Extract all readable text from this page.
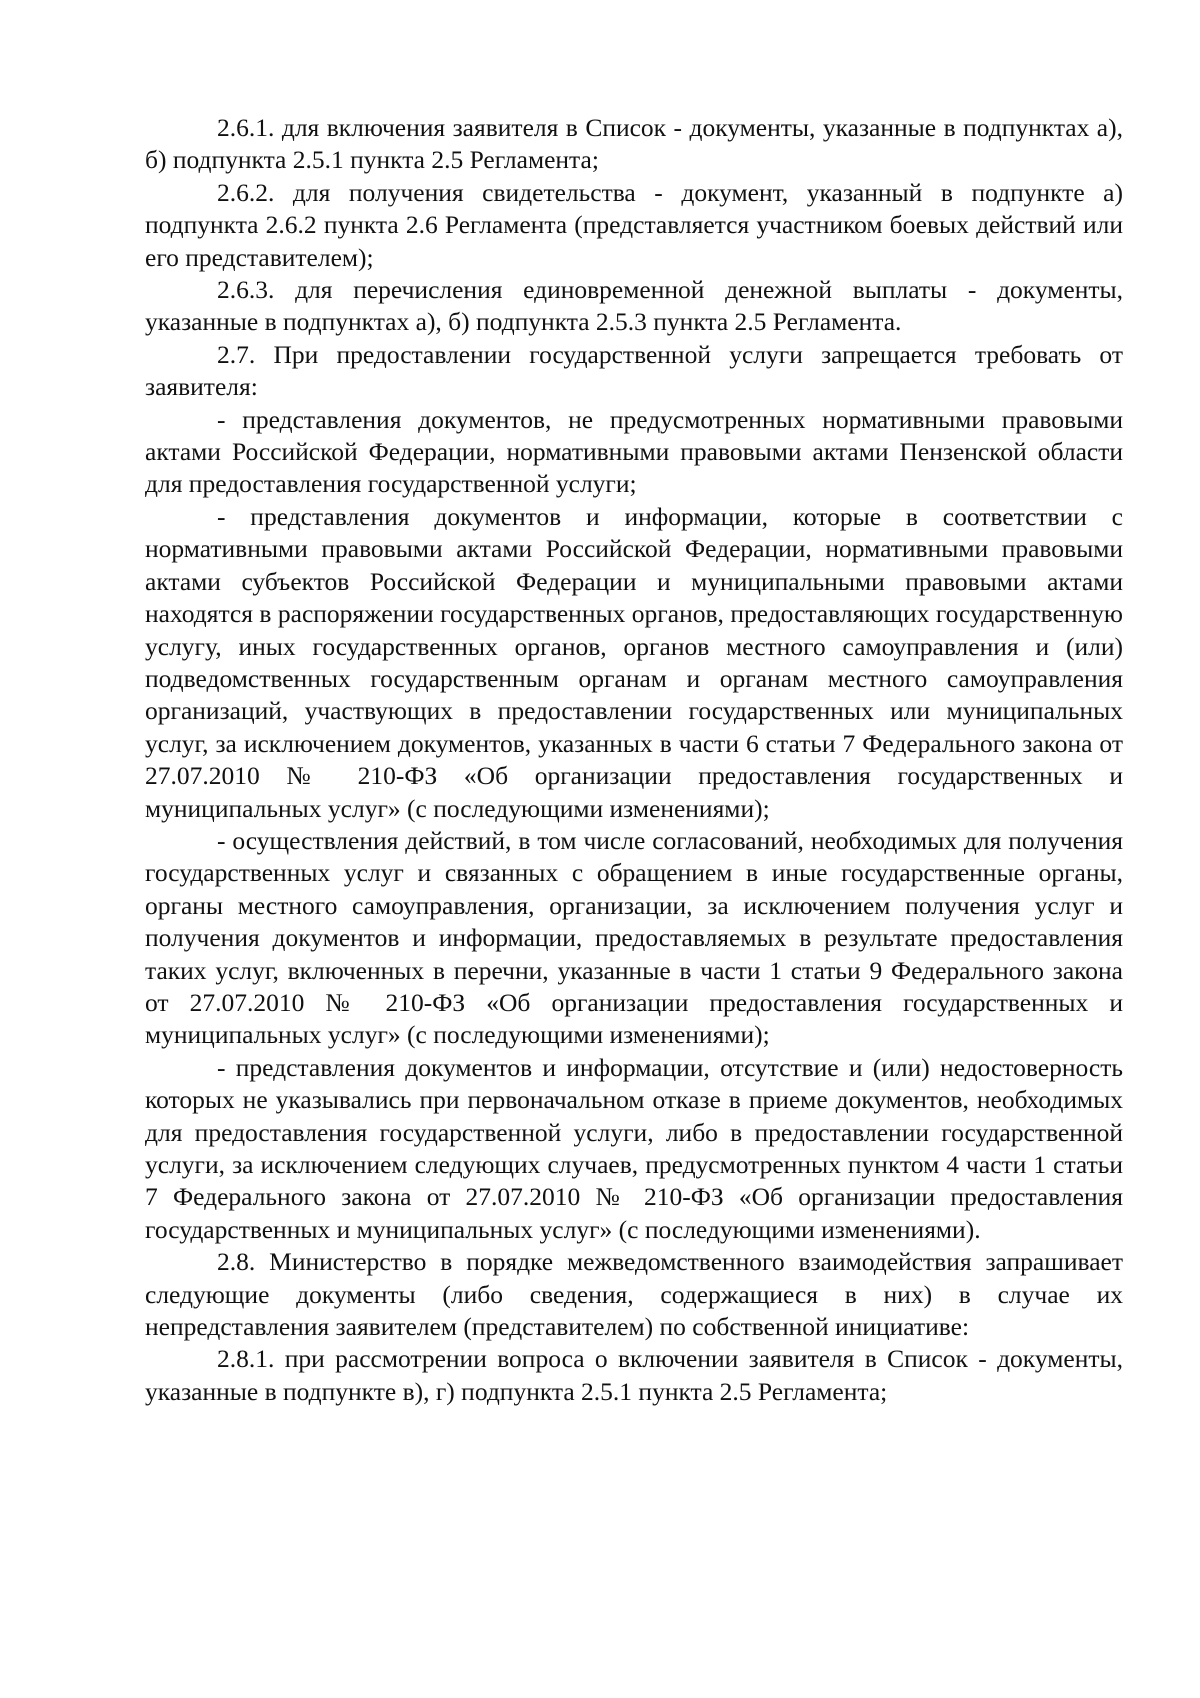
2.6.1. для включения заявителя в Список - документы, указанные в подпунктах а), б) подпункта 2.5.1 пункта 2.5 Регламента;

2.6.2. для получения свидетельства - документ, указанный в подпункте а) подпункта 2.6.2 пункта 2.6 Регламента (представляется участником боевых действий или его представителем);

2.6.3. для перечисления единовременной денежной выплаты - документы, указанные в подпунктах а), б) подпункта 2.5.3 пункта 2.5 Регламента.

2.7. При предоставлении государственной услуги запрещается требовать от заявителя:

- представления документов, не предусмотренных нормативными правовыми актами Российской Федерации, нормативными правовыми актами Пензенской области для предоставления государственной услуги;

- представления документов и информации, которые в соответствии с нормативными правовыми актами Российской Федерации, нормативными правовыми актами субъектов Российской Федерации и муниципальными правовыми актами находятся в распоряжении государственных органов, предоставляющих государственную услугу, иных государственных органов, органов местного самоуправления и (или) подведомственных государственным органам и органам местного самоуправления организаций, участвующих в предоставлении государственных или муниципальных услуг, за исключением документов, указанных в части 6 статьи 7 Федерального закона от 27.07.2010 № 210-ФЗ «Об организации предоставления государственных и муниципальных услуг» (с последующими изменениями);

- осуществления действий, в том числе согласований, необходимых для получения государственных услуг и связанных с обращением в иные государственные органы, органы местного самоуправления, организации, за исключением получения услуг и получения документов и информации, предоставляемых в результате предоставления таких услуг, включенных в перечни, указанные в части 1 статьи 9 Федерального закона от 27.07.2010 № 210-ФЗ «Об организации предоставления государственных и муниципальных услуг» (с последующими изменениями);

- представления документов и информации, отсутствие и (или) недостоверность которых не указывались при первоначальном отказе в приеме документов, необходимых для предоставления государственной услуги, либо в предоставлении государственной услуги, за исключением следующих случаев, предусмотренных пунктом 4 части 1 статьи 7 Федерального закона от 27.07.2010 № 210-ФЗ «Об организации предоставления государственных и муниципальных услуг» (с последующими изменениями).

2.8. Министерство в порядке межведомственного взаимодействия запрашивает следующие документы (либо сведения, содержащиеся в них) в случае их непредставления заявителем (представителем) по собственной инициативе:

2.8.1. при рассмотрении вопроса о включении заявителя в Список - документы, указанные в подпункте в), г) подпункта 2.5.1 пункта 2.5 Регламента;
